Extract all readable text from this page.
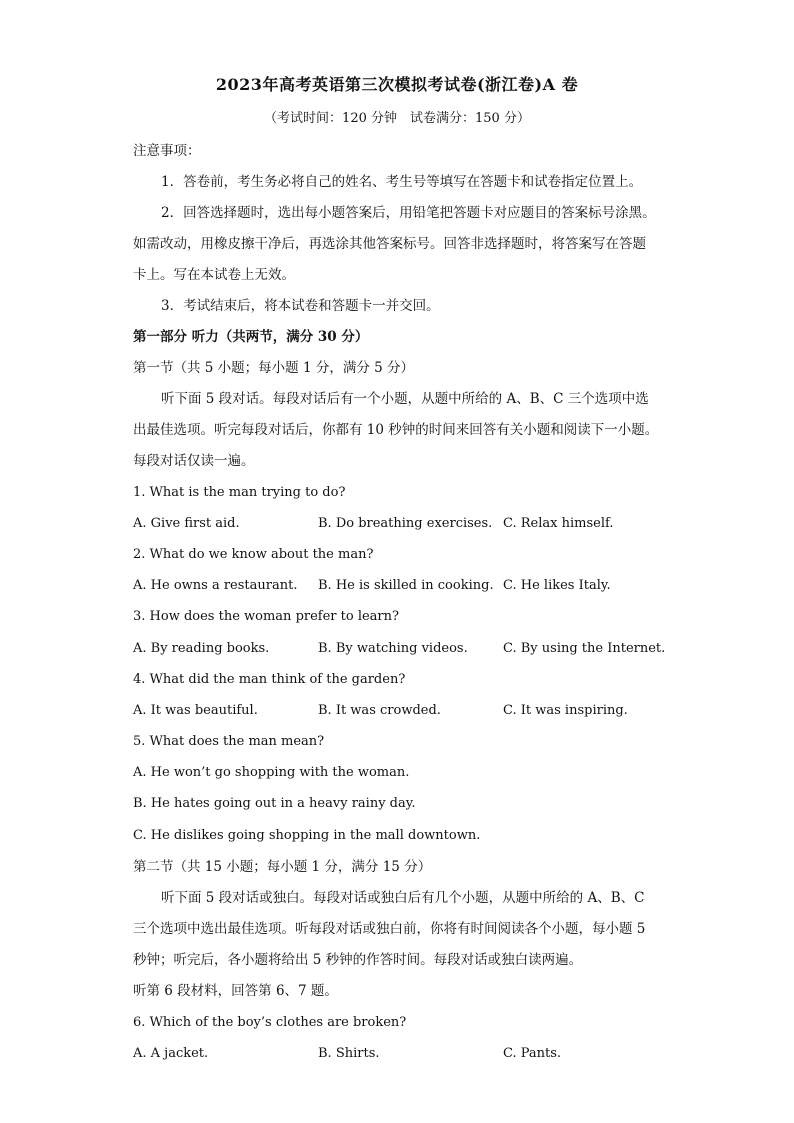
2023年高考英语第三次模拟考试卷(浙江卷)A 卷
（考试时间：120 分钟　试卷满分：150 分）
注意事项：
1．答卷前，考生务必将自己的姓名、考生号等填写在答题卡和试卷指定位置上。
2．回答选择题时，选出每小题答案后，用铅笔把答题卡对应题目的答案标号涂黑。
如需改动，用橡皮擦干净后，再选涂其他答案标号。回答非选择题时，将答案写在答题
卡上。写在本试卷上无效。
3．考试结束后，将本试卷和答题卡一并交回。
第一部分 听力（共两节，满分 30 分）
第一节（共 5 小题；每小题 1 分，满分 5 分）
听下面 5 段对话。每段对话后有一个小题，从题中所给的 A、B、C 三个选项中选
出最佳选项。听完每段对话后，你都有 10 秒钟的时间来回答有关小题和阅读下一小题。
每段对话仅读一遍。
1. What is the man trying to do?
A. Give first aid.	B. Do breathing exercises. C. Relax himself.
2. What do we know about the man?
A. He owns a restaurant. B. He is skilled in cooking. C. He likes Italy.
3. How does the woman prefer to learn?
A. By reading books.	B. By watching videos.	C. By using the Internet.
4. What did the man think of the garden?
A. It was beautiful.	B. It was crowded.	C. It was inspiring.
5. What does the man mean?
A. He won’t go shopping with the woman.
B. He hates going out in a heavy rainy day.
C. He dislikes going shopping in the mall downtown.
第二节（共 15 小题；每小题 1 分，满分 15 分）
听下面 5 段对话或独白。每段对话或独白后有几个小题，从题中所给的 A、B、C
三个选项中选出最佳选项。听每段对话或独白前，你将有时间阅读各个小题，每小题 5
秒钟；听完后，各小题将给出 5 秒钟的作答时间。每段对话或独白读两遍。
听第 6 段材料，回答第 6、7 题。
6. Which of the boy’s clothes are broken?
A. A jacket.	B. Shirts.	C. Pants.
